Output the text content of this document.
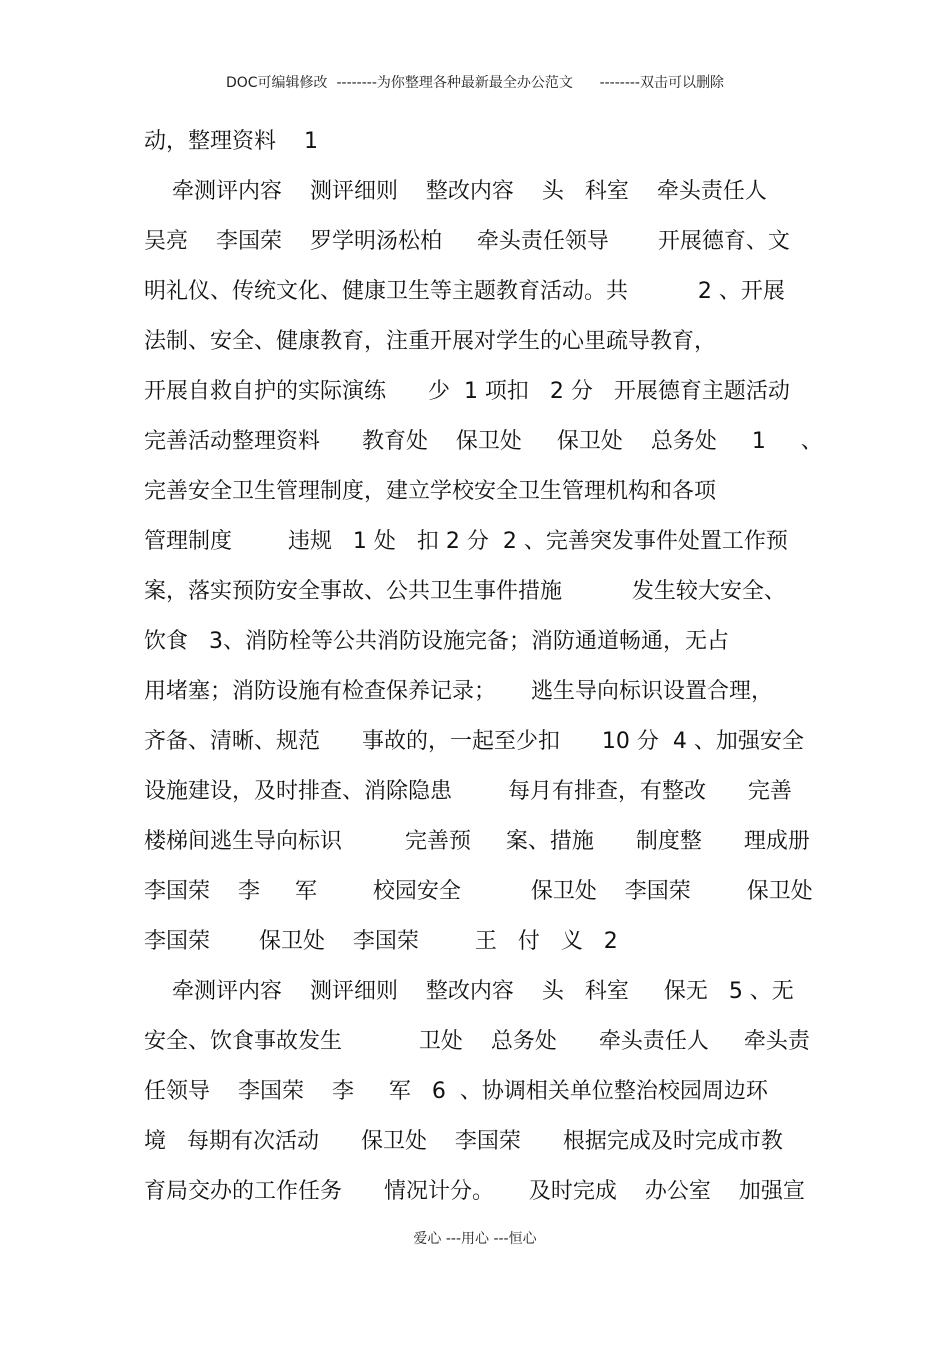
DOC可编辑修改  --------为你整理各种最新最全办公范文      --------双击可以删除
动，整理资料    1
牵测评内容    测评细则    整改内容    头   科室    牵头责任人
吴亮    李国荣    罗学明汤松柏     牵头责任领导       开展德育、文
明礼仪、传统文化、健康卫生等主题教育活动。共          2 、开展
法制、安全、健康教育，注重开展对学生的心里疏导教育，
开展自救自护的实际演练      少  1 项扣   2 分   开展德育主题活动
完善活动整理资料      教育处    保卫处     保卫处    总务处     1     、
完善安全卫生管理制度，建立学校安全卫生管理机构和各项
管理制度        违规   1 处   扣 2 分  2 、完善突发事件处置工作预
案，落实预防安全事故、公共卫生事件措施          发生较大安全、
饮食   3、消防栓等公共消防设施完备；消防通道畅通，无占
用堵塞；消防设施有检查保养记录；     逃生导向标识设置合理，
齐备、清晰、规范      事故的，一起至少扣      10 分  4 、加强安全
设施建设，及时排查、消除隐患        每月有排查，有整改      完善
楼梯间逃生导向标识         完善预     案、措施      制度整      理成册
李国荣    李     军        校园安全          保卫处    李国荣        保卫处
李国荣       保卫处    李国荣        王   付   义   2
牵测评内容    测评细则    整改内容    头   科室     保无   5 、无
安全、饮食事故发生           卫处    总务处      牵头责任人     牵头责
任领导    李国荣    李     军   6  、协调相关单位整治校园周边环
境   每期有次活动      保卫处    李国荣      根据完成及时完成市教
育局交办的工作任务      情况计分。     及时完成    办公室    加强宣
爱心 ---用心 ---恒心
